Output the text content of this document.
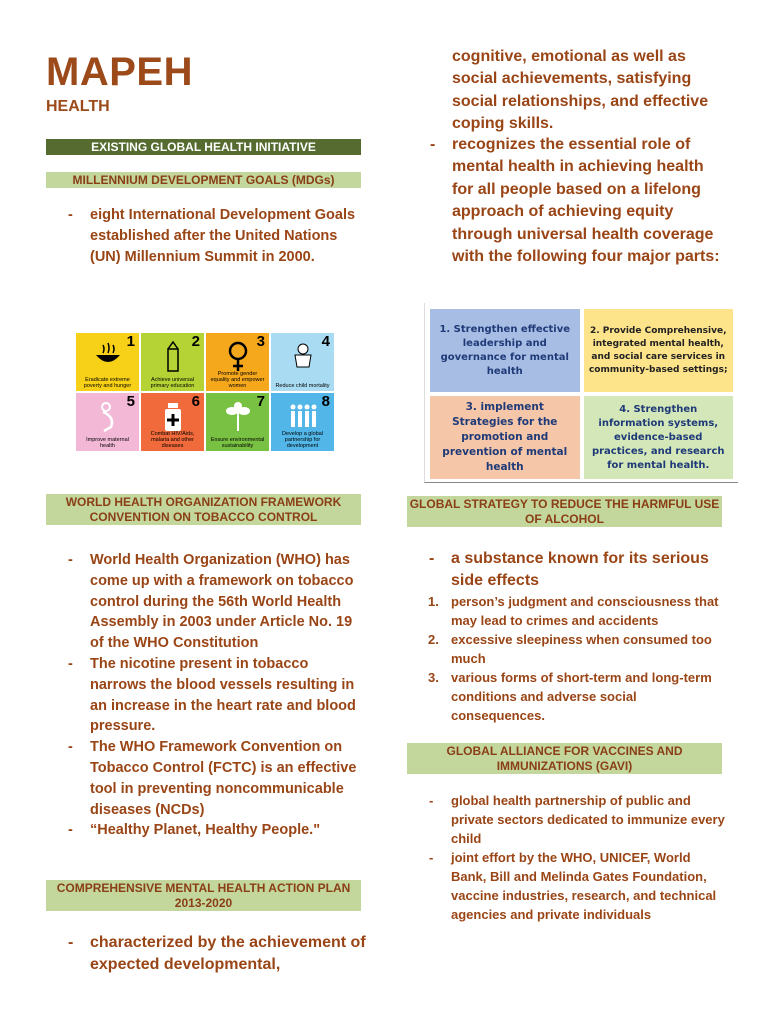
MAPEH
HEALTH
EXISTING GLOBAL HEALTH INITIATIVE
MILLENNIUM DEVELOPMENT GOALS (MDGs)
- eight International Development Goals established after the United Nations (UN) Millennium Summit in 2000.
1
Eradicate extreme poverty and hunger
2
Achieve universal primary education
3
Promote gender equality and empower women
4
Reduce child mortality
5
Improve maternal health
6
Combat HIV/Aids, malaria and other diseases
7
Ensure environmental sustainability
8
Develop a global partnership for development
WORLD HEALTH ORGANIZATION FRAMEWORK CONVENTION ON TOBACCO CONTROL
- World Health Organization (WHO) has come up with a framework on tobacco control during the 56th World Health Assembly in 2003 under Article No. 19 of the WHO Constitution
- The nicotine present in tobacco narrows the blood vessels resulting in an increase in the heart rate and blood pressure.
- The WHO Framework Convention on Tobacco Control (FCTC) is an effective tool in preventing noncommunicable diseases (NCDs)
- “Healthy Planet, Healthy People."
COMPREHENSIVE MENTAL HEALTH ACTION PLAN
2013-2020
- characterized by the achievement of expected developmental,
cognitive, emotional as well as social achievements, satisfying social relationships, and effective coping skills.
- recognizes the essential role of mental health in achieving health for all people based on a lifelong approach of achieving equity through universal health coverage with the following four major parts:
1. Strengthen effective leadership and governance for mental health
2. Provide Comprehensive, integrated mental health, and social care services in community-based settings;
3. implement Strategies for the promotion and prevention of mental health
4. Strengthen information systems, evidence-based practices, and research for mental health.
GLOBAL STRATEGY TO REDUCE THE HARMFUL USE OF ALCOHOL
- a substance known for its serious side effects
1. person’s judgment and consciousness that may lead to crimes and accidents
2. excessive sleepiness when consumed too much
3. various forms of short-term and long-term conditions and adverse social consequences.
GLOBAL ALLIANCE FOR VACCINES AND IMMUNIZATIONS (GAVI)
- global health partnership of public and private sectors dedicated to immunize every child
- joint effort by the WHO, UNICEF, World Bank, Bill and Melinda Gates Foundation, vaccine industries, research, and technical agencies and private individuals
